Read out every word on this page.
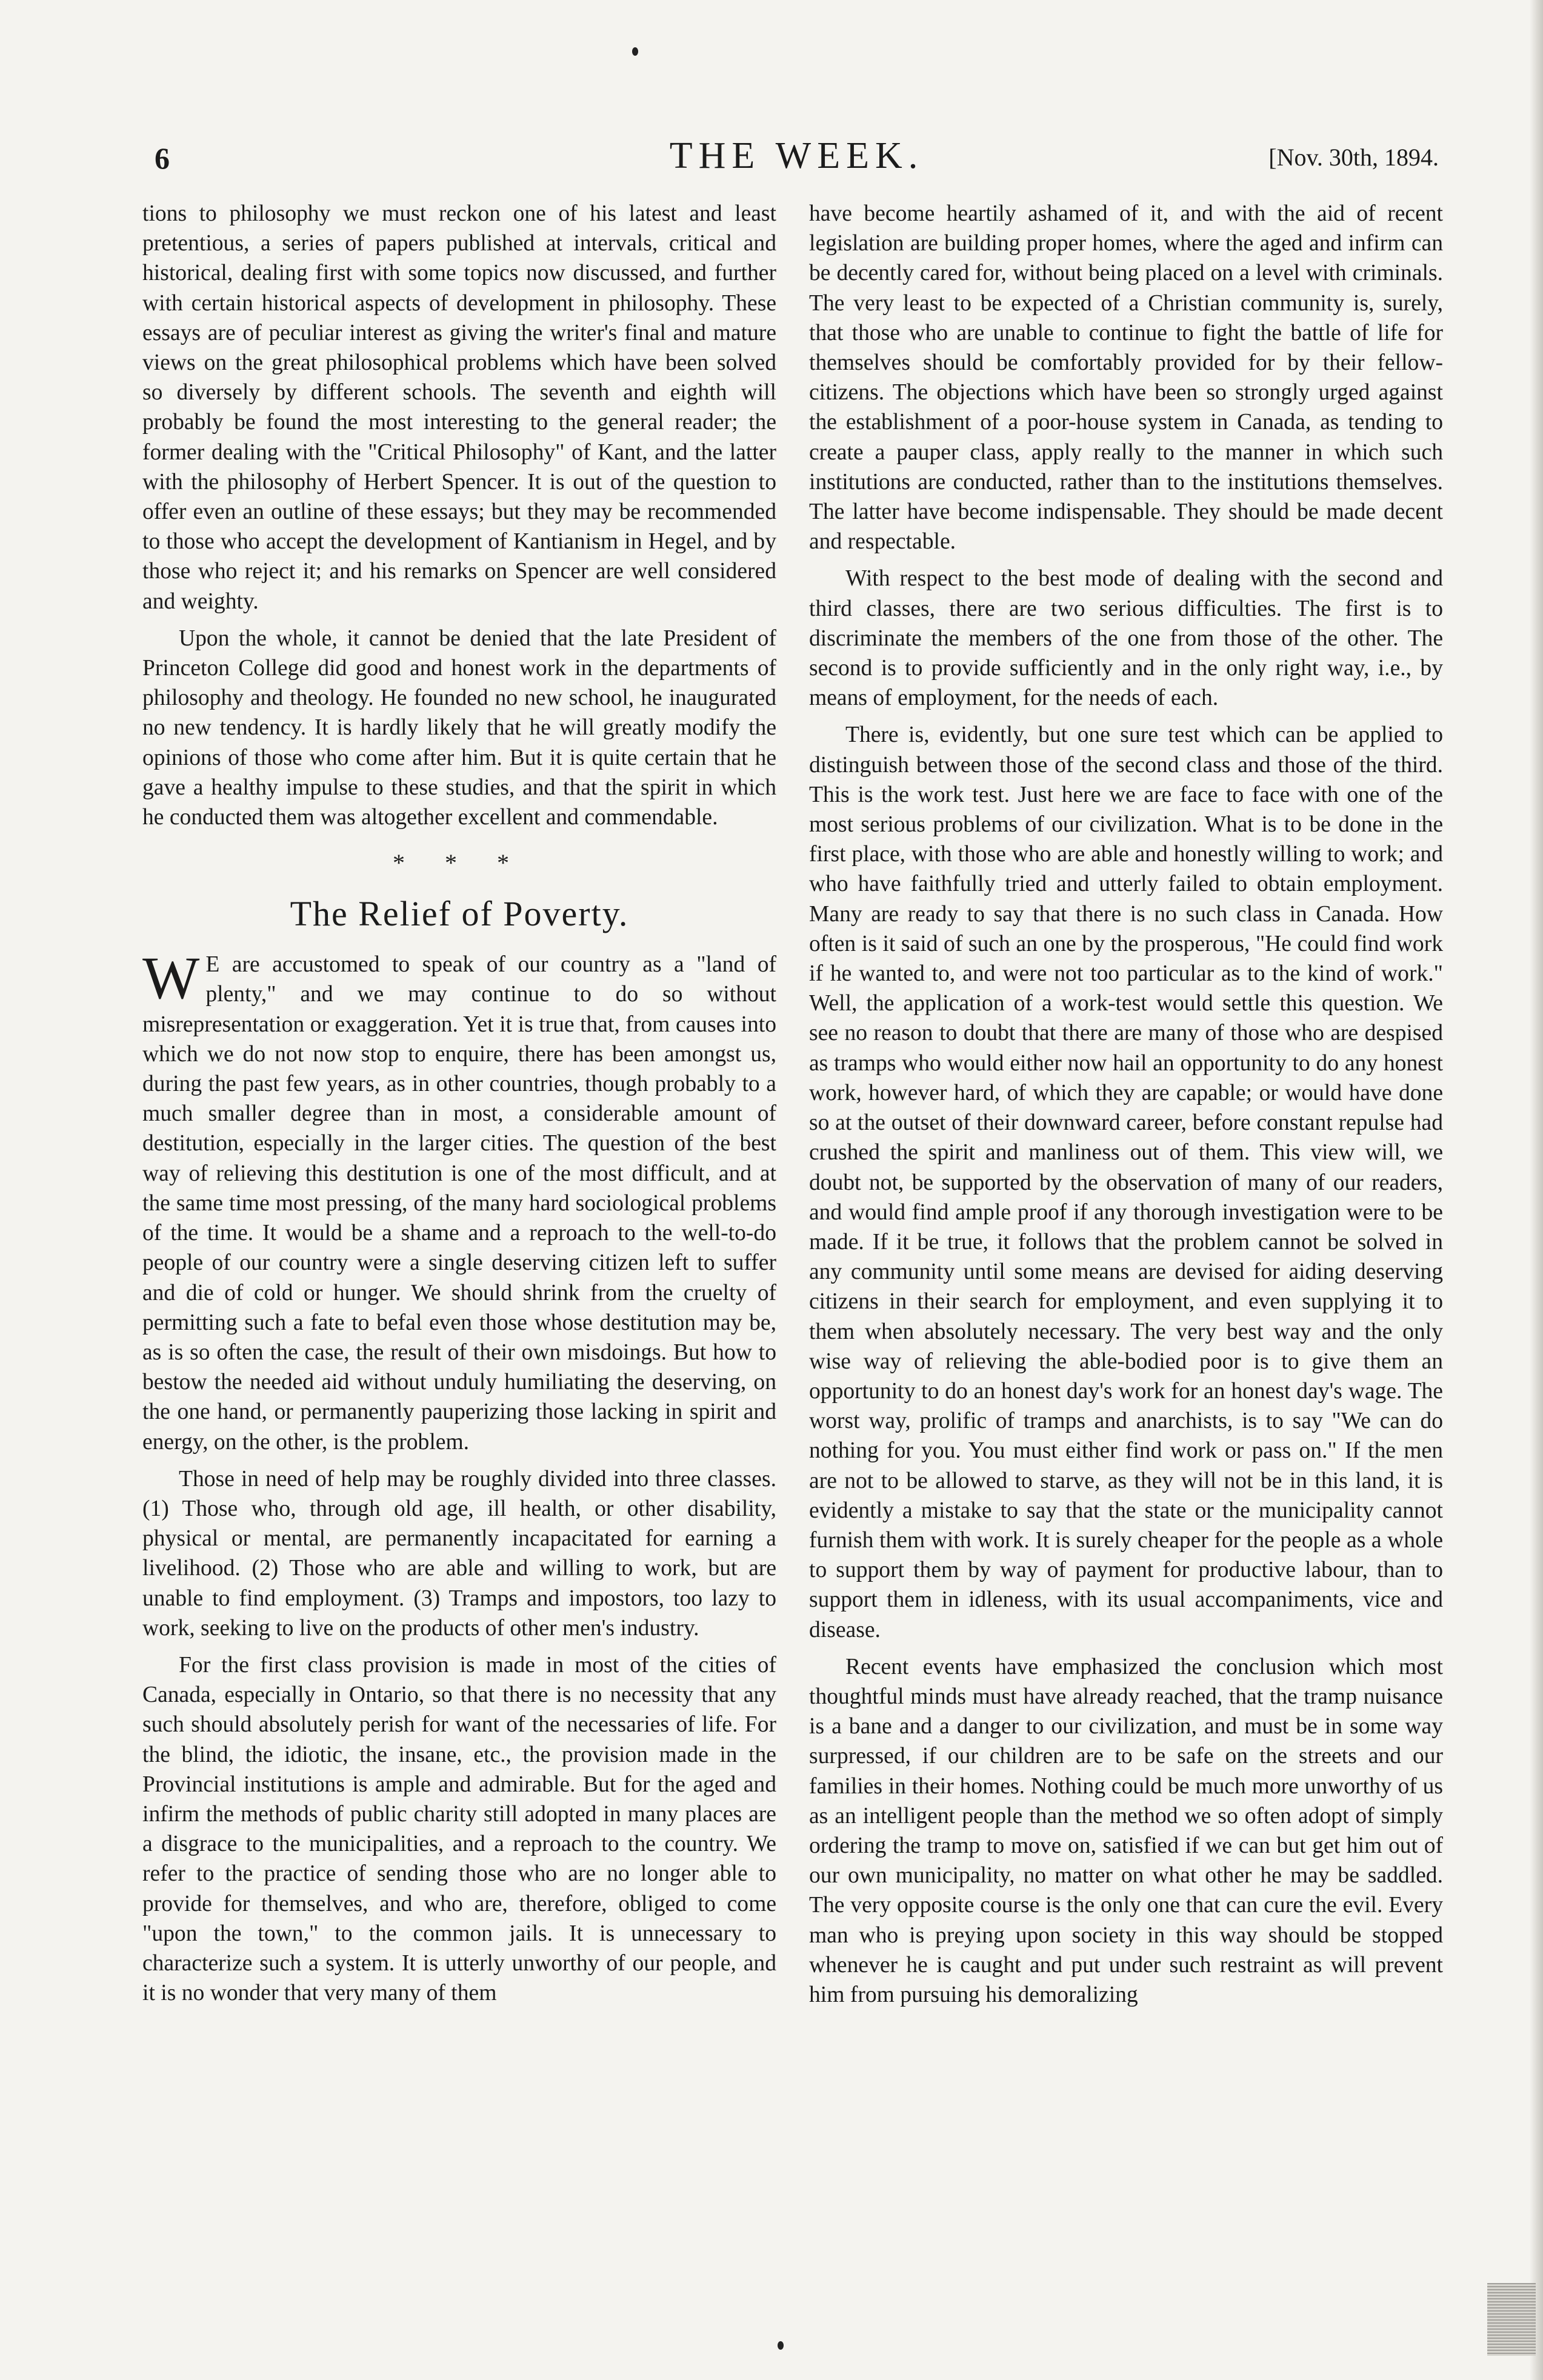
6	THE WEEK.	[Nov. 30th, 1894.

tions to philosophy we must reckon one of his latest and least pretentious, a series of papers published at intervals, critical and historical, dealing first with some topics now discussed, and further with certain historical aspects of development in philosophy. These essays are of peculiar interest as giving the writer's final and mature views on the great philosophical problems which have been solved so diversely by different schools. The seventh and eighth will probably be found the most interesting to the general reader; the former dealing with the "Critical Philosophy" of Kant, and the latter with the philosophy of Herbert Spencer. It is out of the question to offer even an outline of these essays; but they may be recommended to those who accept the development of Kantianism in Hegel, and by those who reject it; and his remarks on Spencer are well considered and weighty.

Upon the whole, it cannot be denied that the late President of Princeton College did good and honest work in the departments of philosophy and theology. He founded no new school, he inaugurated no new tendency. It is hardly likely that he will greatly modify the opinions of those who come after him. But it is quite certain that he gave a healthy impulse to these studies, and that the spirit in which he conducted them was altogether excellent and commendable.

* * *
The Relief of Poverty.

W E are accustomed to speak of our country as a "land of plenty," and we may continue to do so without misrepresentation or exaggeration. Yet it is true that, from causes into which we do not now stop to enquire, there has been amongst us, during the past few years, as in other countries, though probably to a much smaller degree than in most, a considerable amount of destitution, especially in the larger cities. The question of the best way of relieving this destitution is one of the most difficult, and at the same time most pressing, of the many hard sociological problems of the time. It would be a shame and a reproach to the well-to-do people of our country were a single deserving citizen left to suffer and die of cold or hunger. We should shrink from the cruelty of permitting such a fate to befal even those whose destitution may be, as is so often the case, the result of their own misdoings. But how to bestow the needed aid without unduly humiliating the deserving, on the one hand, or permanently pauperizing those lacking in spirit and energy, on the other, is the problem.

Those in need of help may be roughly divided into three classes. (1) Those who, through old age, ill health, or other disability, physical or mental, are permanently incapacitated for earning a livelihood. (2) Those who are able and willing to work, but are unable to find employment. (3) Tramps and impostors, too lazy to work, seeking to live on the products of other men's industry.

For the first class provision is made in most of the cities of Canada, especially in Ontario, so that there is no necessity that any such should absolutely perish for want of the necessaries of life. For the blind, the idiotic, the insane, etc., the provision made in the Provincial institutions is ample and admirable. But for the aged and infirm the methods of public charity still adopted in many places are a disgrace to the municipalities, and a reproach to the country. We refer to the practice of sending those who are no longer able to provide for themselves, and who are, therefore, obliged to come "upon the town," to the common jails. It is unnecessary to characterize such a system. It is utterly unworthy of our people, and it is no wonder that very many of them

have become heartily ashamed of it, and with the aid of recent legislation are building proper homes, where the aged and infirm can be decently cared for, without being placed on a level with criminals. The very least to be expected of a Christian community is, surely, that those who are unable to continue to fight the battle of life for themselves should be comfortably provided for by their fellow-citizens. The objections which have been so strongly urged against the establishment of a poor-house system in Canada, as tending to create a pauper class, apply really to the manner in which such institutions are conducted, rather than to the institutions themselves. The latter have become indispensable. They should be made decent and respectable.

With respect to the best mode of dealing with the second and third classes, there are two serious difficulties. The first is to discriminate the members of the one from those of the other. The second is to provide sufficiently and in the only right way, i.e., by means of employment, for the needs of each.

There is, evidently, but one sure test which can be applied to distinguish between those of the second class and those of the third. This is the work test. Just here we are face to face with one of the most serious problems of our civilization. What is to be done in the first place, with those who are able and honestly willing to work; and who have faithfully tried and utterly failed to obtain employment. Many are ready to say that there is no such class in Canada. How often is it said of such an one by the prosperous, "He could find work if he wanted to, and were not too particular as to the kind of work." Well, the application of a work-test would settle this question. We see no reason to doubt that there are many of those who are despised as tramps who would either now hail an opportunity to do any honest work, however hard, of which they are capable; or would have done so at the outset of their downward career, before constant repulse had crushed the spirit and manliness out of them. This view will, we doubt not, be supported by the observation of many of our readers, and would find ample proof if any thorough investigation were to be made. If it be true, it follows that the problem cannot be solved in any community until some means are devised for aiding deserving citizens in their search for employment, and even supplying it to them when absolutely necessary. The very best way and the only wise way of relieving the able-bodied poor is to give them an opportunity to do an honest day's work for an honest day's wage. The worst way, prolific of tramps and anarchists, is to say "We can do nothing for you. You must either find work or pass on." If the men are not to be allowed to starve, as they will not be in this land, it is evidently a mistake to say that the state or the municipality cannot furnish them with work. It is surely cheaper for the people as a whole to support them by way of payment for productive labour, than to support them in idleness, with its usual accompaniments, vice and disease.

Recent events have emphasized the conclusion which most thoughtful minds must have already reached, that the tramp nuisance is a bane and a danger to our civilization, and must be in some way surpressed, if our children are to be safe on the streets and our families in their homes. Nothing could be much more unworthy of us as an intelligent people than the method we so often adopt of simply ordering the tramp to move on, satisfied if we can but get him out of our own municipality, no matter on what other he may be saddled. The very opposite course is the only one that can cure the evil. Every man who is preying upon society in this way should be stopped whenever he is caught and put under such restraint as will prevent him from pursuing his demoralizing
